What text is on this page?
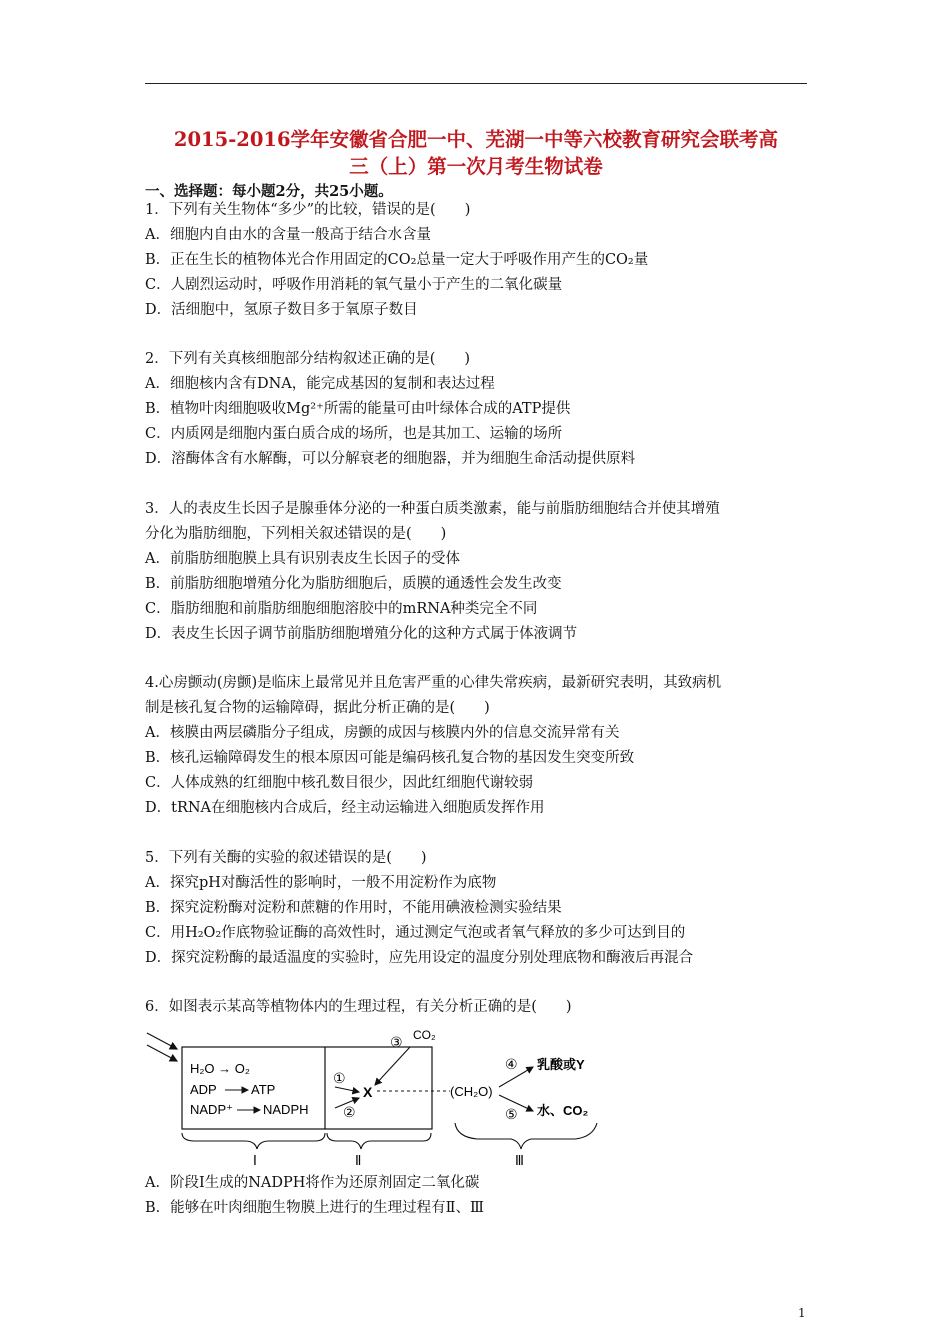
2015-2016学年安徽省合肥一中、芜湖一中等六校教育研究会联考高
三（上）第一次月考生物试卷
一、选择题：每小题2分，共25小题。
1．下列有关生物体“多少”的比较，错误的是(　　)
A．细胞内自由水的含量一般高于结合水含量
B．正在生长的植物体光合作用固定的CO₂总量一定大于呼吸作用产生的CO₂量
C．人剧烈运动时，呼吸作用消耗的氧气量小于产生的二氧化碳量
D．活细胞中，氢原子数目多于氧原子数目
2．下列有关真核细胞部分结构叙述正确的是(　　)
A．细胞核内含有DNA，能完成基因的复制和表达过程
B．植物叶肉细胞吸收Mg²⁺所需的能量可由叶绿体合成的ATP提供
C．内质网是细胞内蛋白质合成的场所，也是其加工、运输的场所
D．溶酶体含有水解酶，可以分解衰老的细胞器，并为细胞生命活动提供原料
3．人的表皮生长因子是腺垂体分泌的一种蛋白质类激素，能与前脂肪细胞结合并使其增殖
分化为脂肪细胞，下列相关叙述错误的是(　　)
A．前脂肪细胞膜上具有识别表皮生长因子的受体
B．前脂肪细胞增殖分化为脂肪细胞后，质膜的通透性会发生改变
C．脂肪细胞和前脂肪细胞细胞溶胶中的mRNA种类完全不同
D．表皮生长因子调节前脂肪细胞增殖分化的这种方式属于体液调节
4.心房颤动(房颤)是临床上最常见并且危害严重的心律失常疾病，最新研究表明，其致病机
制是核孔复合物的运输障碍，据此分析正确的是(　　)
A．核膜由两层磷脂分子组成，房颤的成因与核膜内外的信息交流异常有关
B．核孔运输障碍发生的根本原因可能是编码核孔复合物的基因发生突变所致
C．人体成熟的红细胞中核孔数目很少，因此红细胞代谢较弱
D．tRNA在细胞核内合成后，经主动运输进入细胞质发挥作用
5．下列有关酶的实验的叙述错误的是(　　)
A．探究pH对酶活性的影响时，一般不用淀粉作为底物
B．探究淀粉酶对淀粉和蔗糖的作用时，不能用碘液检测实验结果
C．用H₂O₂作底物验证酶的高效性时，通过测定气泡或者氧气释放的多少可达到目的
D．探究淀粉酶的最适温度的实验时，应先用设定的温度分别处理底物和酶液后再混合
6．如图表示某高等植物体内的生理过程，有关分析正确的是(　　)
H₂O → O₂
ADP	ATP
NADP⁺ NADPH
①
②
X
③ CO₂
(CH₂O)
④
⑤
乳酸或Y
水、CO₂
Ⅰ	Ⅱ	Ⅲ
A．阶段Ⅰ生成的NADPH将作为还原剂固定二氧化碳
B．能够在叶肉细胞生物膜上进行的生理过程有Ⅱ、Ⅲ
1
